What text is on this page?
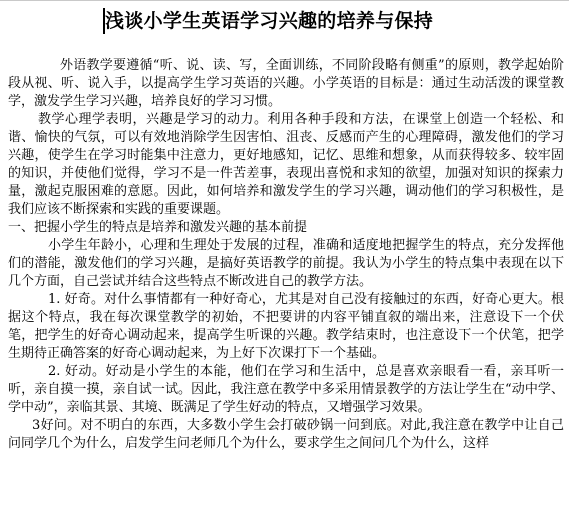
浅谈小学生英语学习兴趣的培养与保持

外语教学要遵循“听、说、读、写，全面训练，不同阶段略有侧重”的原则，教学起始阶段从视、听、说入手，以提高学生学习英语的兴趣。小学英语的目标是：通过生动活泼的课堂教学，激发学生学习兴趣，培养良好的学习习惯。

教学心理学表明，兴趣是学习的动力。利用各种手段和方法，在课堂上创造一个轻松、和谐、愉快的气氛，可以有效地消除学生因害怕、沮丧、反感而产生的心理障碍，激发他们的学习兴趣，使学生在学习时能集中注意力，更好地感知，记忆、思维和想象，从而获得较多、较牢固的知识，并使他们觉得，学习不是一件苦差事，表现出喜悦和求知的欲望，加强对知识的探索力量，激起克服困难的意愿。因此，如何培养和激发学生的学习兴趣，调动他们的学习积极性，是我们应该不断探索和实践的重要课题。

一、把握小学生的特点是培养和激发兴趣的基本前提

小学生年龄小，心理和生理处于发展的过程，准确和适度地把握学生的特点，充分发挥他们的潜能，激发他们的学习兴趣，是搞好英语教学的前提。我认为小学生的特点集中表现在以下几个方面，自己尝试并结合这些特点不断改进自己的教学方法。

1. 好奇。对什么事情都有一种好奇心，尤其是对自己没有接触过的东西，好奇心更大。根据这个特点，我在每次课堂教学的初始，不把要讲的内容平铺直叙的端出来，注意设下一个伏笔，把学生的好奇心调动起来，提高学生听课的兴趣。教学结束时，也注意设下一个伏笔，把学生期待正确答案的好奇心调动起来，为上好下次课打下一个基础。

2. 好动。好动是小学生的本能，他们在学习和生活中，总是喜欢亲眼看一看，亲耳听一听，亲自摸一摸，亲自试一试。因此，我注意在教学中多采用情景教学的方法让学生在“动中学、学中动”，亲临其景、其境、既满足了学生好动的特点，又增强学习效果。

3好问。对不明白的东西，大多数小学生会打破砂锅一问到底。对此,我注意在教学中让自己问同学几个为什么，启发学生问老师几个为什么，要求学生之间问几个为什么，这样
